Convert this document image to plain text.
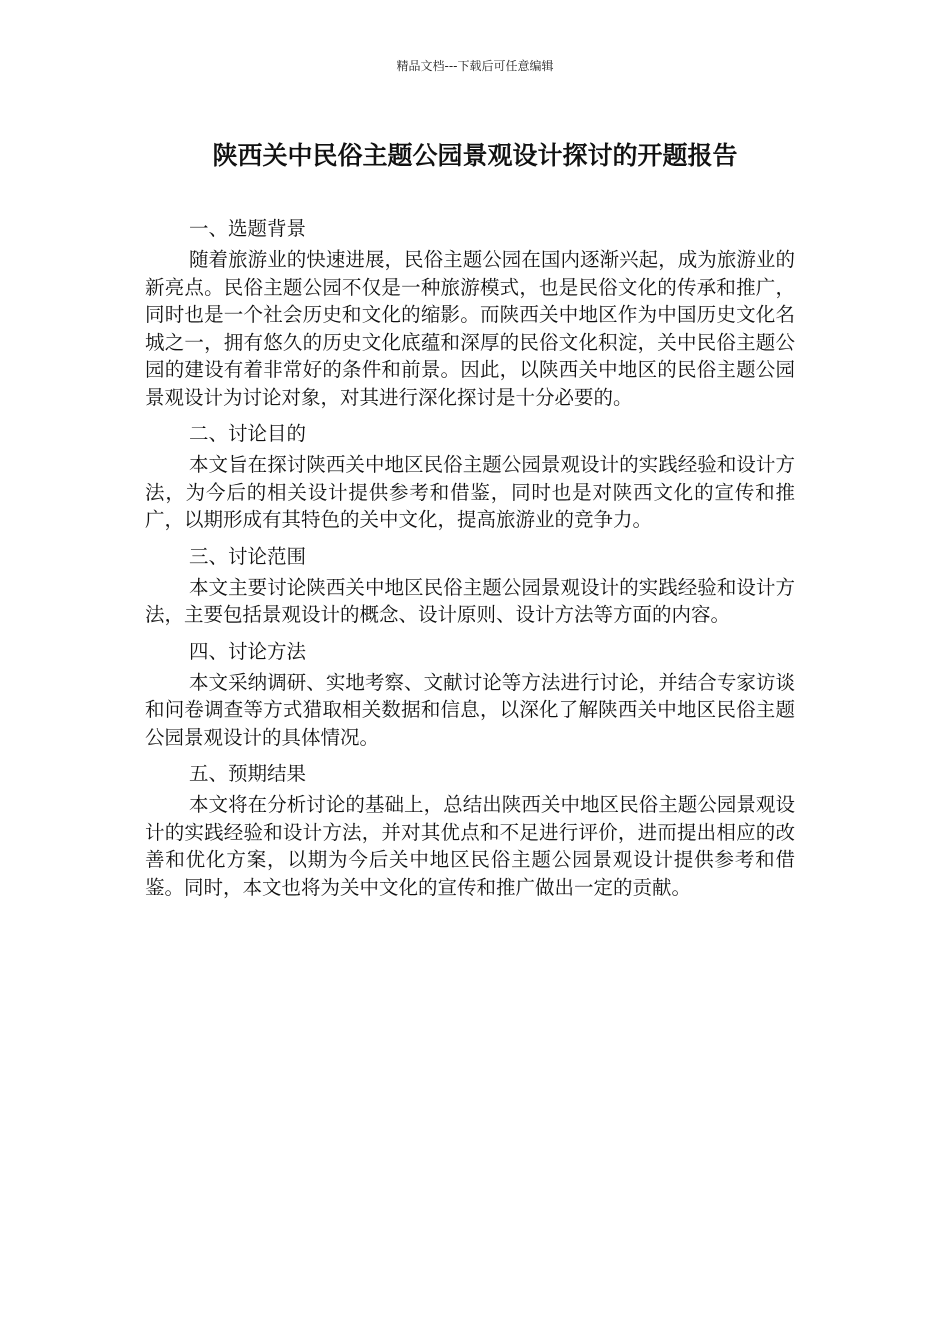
精品文档---下载后可任意编辑
陕西关中民俗主题公园景观设计探讨的开题报告
一、选题背景

随着旅游业的快速进展，民俗主题公园在国内逐渐兴起，成为旅游业的新亮点。民俗主题公园不仅是一种旅游模式，也是民俗文化的传承和推广，同时也是一个社会历史和文化的缩影。而陕西关中地区作为中国历史文化名城之一，拥有悠久的历史文化底蕴和深厚的民俗文化积淀，关中民俗主题公园的建设有着非常好的条件和前景。因此，以陕西关中地区的民俗主题公园景观设计为讨论对象，对其进行深化探讨是十分必要的。

二、讨论目的

本文旨在探讨陕西关中地区民俗主题公园景观设计的实践经验和设计方法，为今后的相关设计提供参考和借鉴，同时也是对陕西文化的宣传和推广，以期形成有其特色的关中文化，提高旅游业的竞争力。

三、讨论范围

本文主要讨论陕西关中地区民俗主题公园景观设计的实践经验和设计方法，主要包括景观设计的概念、设计原则、设计方法等方面的内容。

四、讨论方法

本文采纳调研、实地考察、文献讨论等方法进行讨论，并结合专家访谈和问卷调查等方式猎取相关数据和信息，以深化了解陕西关中地区民俗主题公园景观设计的具体情况。

五、预期结果

本文将在分析讨论的基础上，总结出陕西关中地区民俗主题公园景观设计的实践经验和设计方法，并对其优点和不足进行评价，进而提出相应的改善和优化方案，以期为今后关中地区民俗主题公园景观设计提供参考和借鉴。同时，本文也将为关中文化的宣传和推广做出一定的贡献。
